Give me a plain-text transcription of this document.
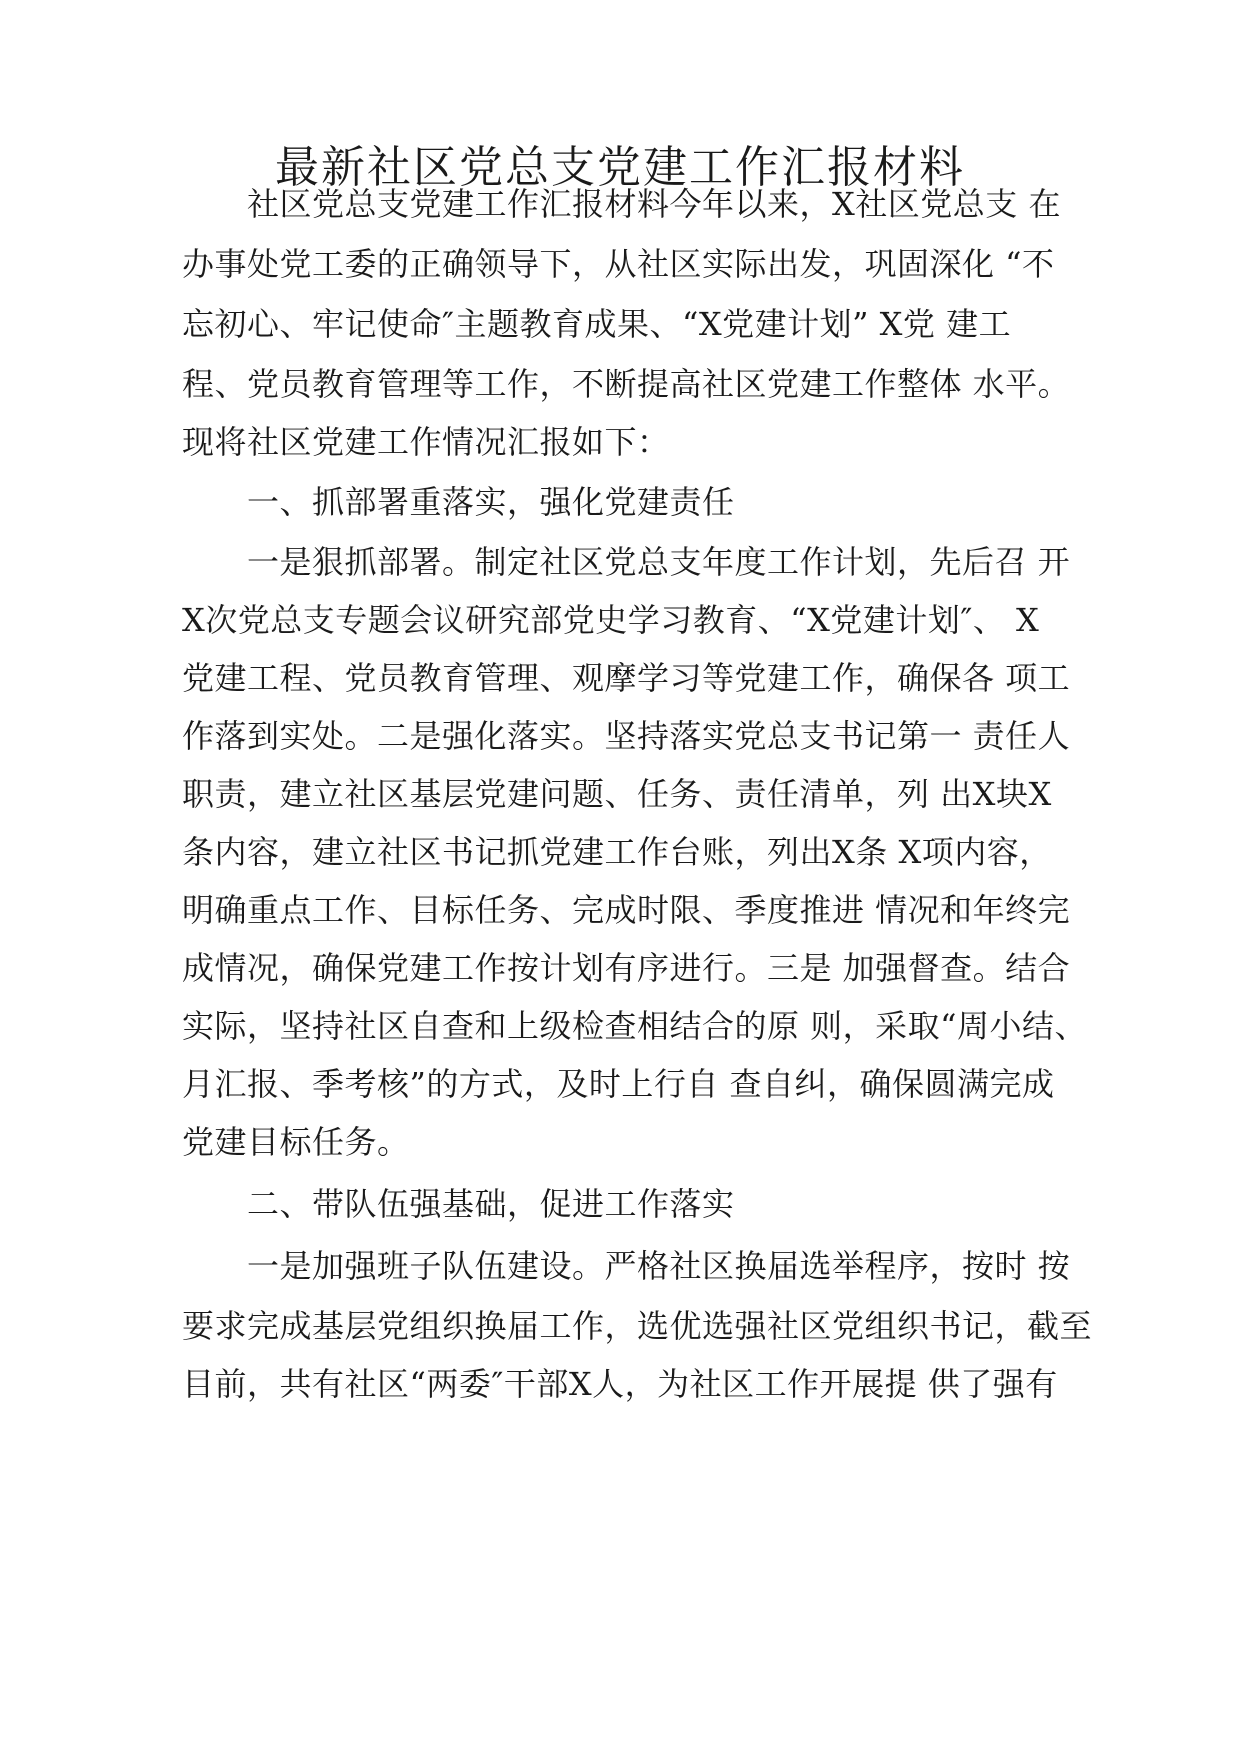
最新社区党总支党建工作汇报材料
　　社区党总支党建工作汇报材料今年以来，X社区党总支 在
办事处党工委的正确领导下，从社区实际出发，巩固深化 “不
忘初心、牢记使命″主题教育成果、“X党建计划” X党 建工
程、党员教育管理等工作，不断提高社区党建工作整体 水平。
现将社区党建工作情况汇报如下：
　　一、抓部署重落实，强化党建责任
　　一是狠抓部署。制定社区党总支年度工作计划，先后召 开
X次党总支专题会议研究部党史学习教育、“X党建计划″、 X
党建工程、党员教育管理、观摩学习等党建工作，确保各 项工
作落到实处。二是强化落实。坚持落实党总支书记第一 责任人
职责，建立社区基层党建问题、任务、责任清单，列 出X块X
条内容，建立社区书记抓党建工作台账，列出X条 X项内容，
明确重点工作、目标任务、完成时限、季度推进 情况和年终完
成情况，确保党建工作按计划有序进行。三是 加强督查。结合
实际，坚持社区自查和上级检查相结合的原 则，采取“周小结、
月汇报、季考核”的方式，及时上行自 查自纠，确保圆满完成
党建目标任务。
　　二、带队伍强基础，促进工作落实
　　一是加强班子队伍建设。严格社区换届选举程序，按时 按
要求完成基层党组织换届工作，选优选强社区党组织书记，截至
目前，共有社区“两委″干部X人，为社区工作开展提 供了强有
